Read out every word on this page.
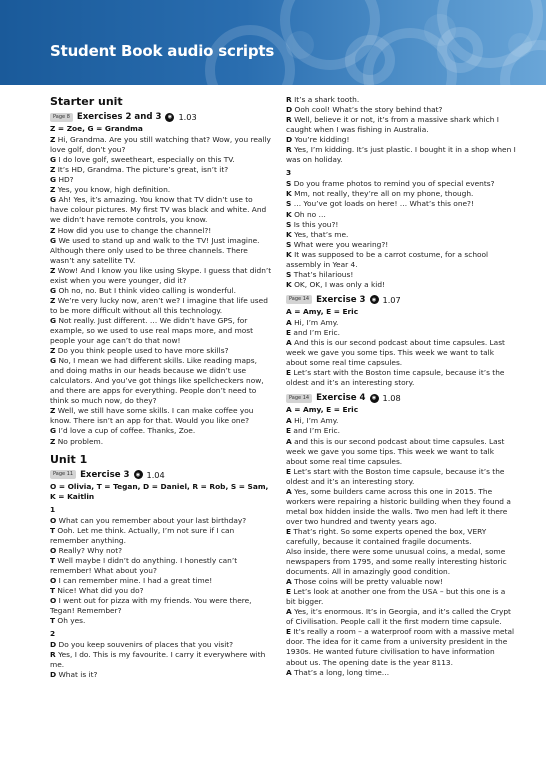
Student Book audio scripts
Starter unit
Page 8 Exercises 2 and 3	◉ 1.03
Z = Zoe, G = Grandma

Z Hi, Grandma. Are you still watching that? Wow, you really love golf, don’t you?

G I do love golf, sweetheart, especially on this TV.

Z It’s HD, Grandma. The picture’s great, isn’t it?

G HD?

Z Yes, you know, high definition.

G Ah! Yes, it’s amazing. You know that TV didn’t use to have colour pictures. My first TV was black and white. And we didn’t have remote controls, you know.

Z How did you use to change the channel?!

G We used to stand up and walk to the TV! Just imagine. Although there only used to be three channels. There wasn’t any satellite TV.

Z Wow! And I know you like using Skype. I guess that didn’t exist when you were younger, did it?

G Oh no, no. But I think video calling is wonderful.

Z We’re very lucky now, aren’t we? I imagine that life used to be more difficult without all this technology.

G Not really. Just different. … We didn’t have GPS, for example, so we used to use real maps more, and most people your age can’t do that now!

Z Do you think people used to have more skills?

G No, I mean we had different skills. Like reading maps, and doing maths in our heads because we didn’t use calculators. And you’ve got things like spellcheckers now, and there are apps for everything. People don’t need to think so much now, do they?

Z Well, we still have some skills. I can make coffee you know. There isn’t an app for that. Would you like one?

G I’d love a cup of coffee. Thanks, Zoe.

Z No problem.

Unit 1
Page 11 Exercise 3	◉ 1.04
O = Olivia, T = Tegan, D = Daniel, R = Rob, S = Sam, K = Kaitlin
1

O What can you remember about your last birthday?

T Ooh. Let me think. Actually, I’m not sure if I can remember anything.

O Really? Why not?

T Well maybe I didn’t do anything. I honestly can’t remember! What about you?

O I can remember mine. I had a great time!

T Nice! What did you do?

O I went out for pizza with my friends. You were there, Tegan! Remember?

T Oh yes.

2

D Do you keep souvenirs of places that you visit?

R Yes, I do. This is my favourite. I carry it everywhere with me.

D What is it?

R It’s a shark tooth.

D Ooh cool! What’s the story behind that?

R Well, believe it or not, it’s from a massive shark which I caught when I was fishing in Australia.

D You’re kidding!

R Yes, I’m kidding. It’s just plastic. I bought it in a shop when I was on holiday.

3

S Do you frame photos to remind you of special events?

K Mm, not really, they’re all on my phone, though.

S … You’ve got loads on here! … What’s this one?!

K Oh no …

S Is this you?!

K Yes, that’s me.

S What were you wearing?!

K It was supposed to be a carrot costume, for a school assembly in Year 4.

S That’s hilarious!

K OK, OK, I was only a kid!

Page 14 Exercise 3	◉ 1.07
A = Amy, E = Eric

A Hi, I’m Amy.

E and I’m Eric.

A And this is our second podcast about time capsules. Last week we gave you some tips. This week we want to talk about some real time capsules.

E Let’s start with the Boston time capsule, because it’s the oldest and it’s an interesting story.

Page 14 Exercise 4	◉ 1.08
A = Amy, E = Eric

A Hi, I’m Amy.

E and I’m Eric.

A and this is our second podcast about time capsules. Last week we gave you some tips. This week we want to talk about some real time capsules.

E Let’s start with the Boston time capsule, because it’s the oldest and it’s an interesting story.

A Yes, some builders came across this one in 2015. The workers were repairing a historic building when they found a metal box hidden inside the walls. Two men had left it there over two hundred and twenty years ago.

E That’s right. So some experts opened the box, VERY carefully, because it contained fragile documents.

Also inside, there were some unusual coins, a medal, some newspapers from 1795, and some really interesting historic documents. All in amazingly good condition.

A Those coins will be pretty valuable now!

E Let’s look at another one from the USA – but this one is a bit bigger.

A Yes, it’s enormous. It’s in Georgia, and it’s called the Crypt of Civilisation. People call it the first modern time capsule.

E It’s really a room – a waterproof room with a massive metal door. The idea for it came from a university president in the 1930s. He wanted future civilisation to have information about us. The opening date is the year 8113.

A That’s a long, long time…
